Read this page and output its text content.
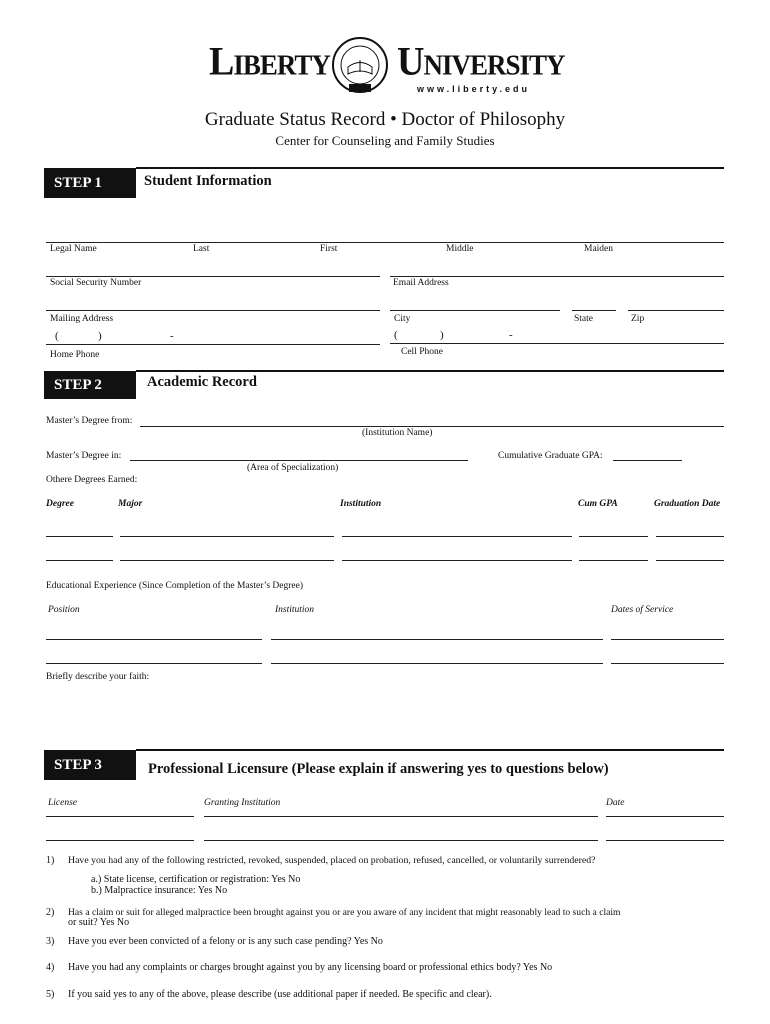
Liberty University
www.liberty.edu
Graduate Status Record • Doctor of Philosophy
Center for Counseling and Family Studies
STEP 1	Student Information
Legal Name	Last	First	Middle	Maiden
Social Security Number	Email Address
Mailing Address	City	State	Zip
(	)	-
Home Phone
(	)	-
Cell Phone
STEP 2	Academic Record
Master’s Degree from:
(Institution Name)
Master’s Degree in:	Cumulative Graduate GPA:
(Area of Specialization)
Othere Degrees Earned:
Degree	Major	Institution	Cum GPA	Graduation Date
Educational Experience (Since Completion of the Master’s Degree)
Position	Institution	Dates of Service
Briefly describe your faith:
STEP 3	Professional Licensure (Please explain if answering yes to questions below)
License	Granting Institution	Date
1) Have you had any of the following restricted, revoked, suspended, placed on probation, refused, cancelled, or voluntarily surrendered?
a.) State license, certification or registration: Yes No
b.) Malpractice insurance: Yes No
2) Has a claim or suit for alleged malpractice been brought against you or are you aware of any incident that might reasonably lead to such a claim
or suit? Yes No
3) Have you ever been convicted of a felony or is any such case pending? Yes No
4) Have you had any complaints or charges brought against you by any licensing board or professional ethics body? Yes No
5) If you said yes to any of the above, please describe (use additional paper if needed. Be specific and clear).
